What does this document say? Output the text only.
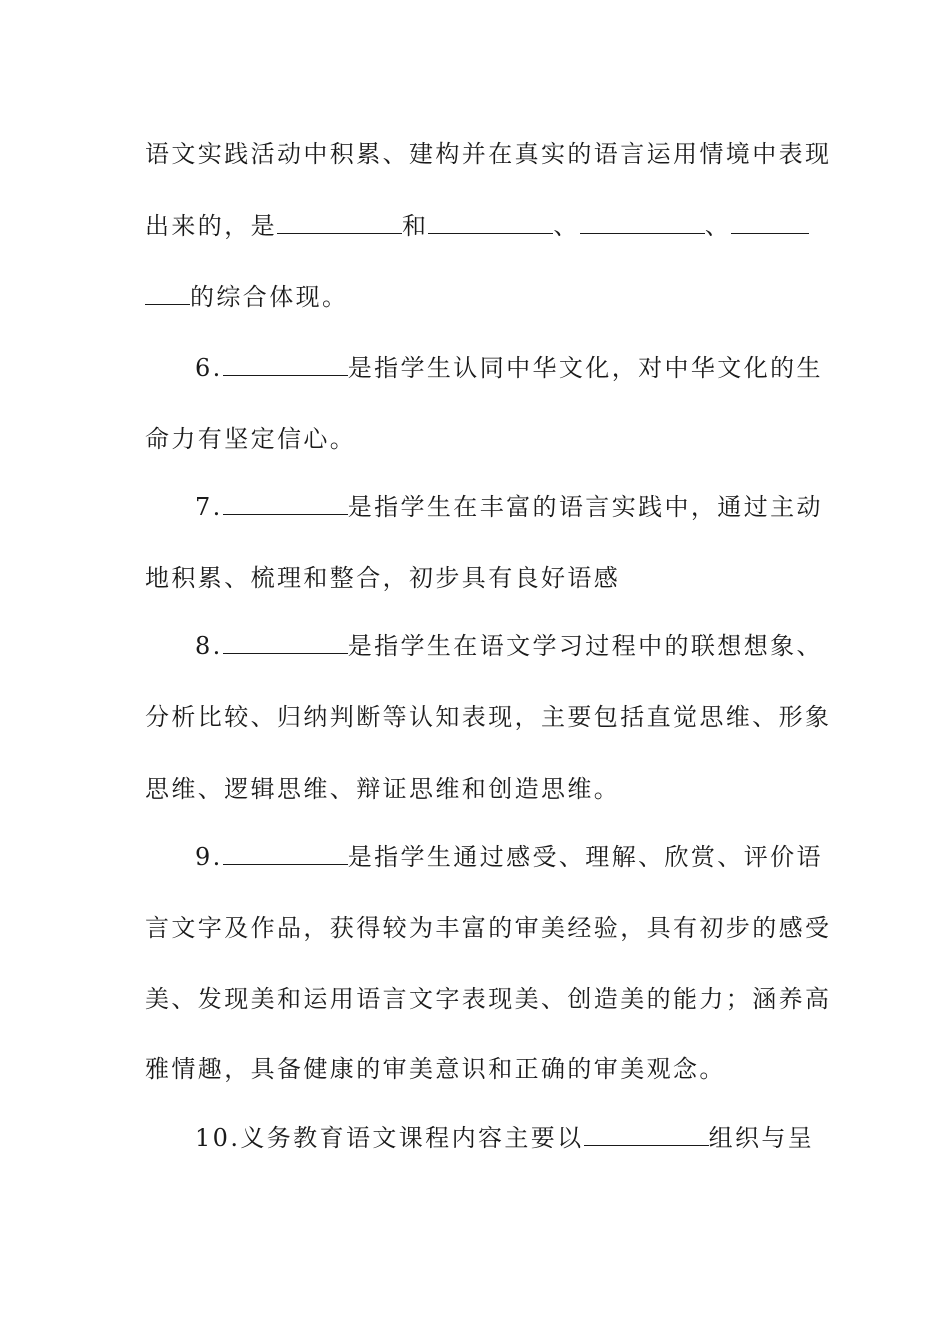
语文实践活动中积累、建构并在真实的语言运用情境中表现
出来的，是	和	、	、
的综合体现。
6.	是指学生认同中华文化，对中华文化的生
命力有坚定信心。
7.	是指学生在丰富的语言实践中，通过主动
地积累、梳理和整合，初步具有良好语感
8.	是指学生在语文学习过程中的联想想象、
分析比较、归纳判断等认知表现，主要包括直觉思维、形象
思维、逻辑思维、辩证思维和创造思维。
9.	是指学生通过感受、理解、欣赏、评价语
言文字及作品，获得较为丰富的审美经验，具有初步的感受
美、发现美和运用语言文字表现美、创造美的能力；涵养高
雅情趣，具备健康的审美意识和正确的审美观念。
10.义务教育语文课程内容主要以	组织与呈
